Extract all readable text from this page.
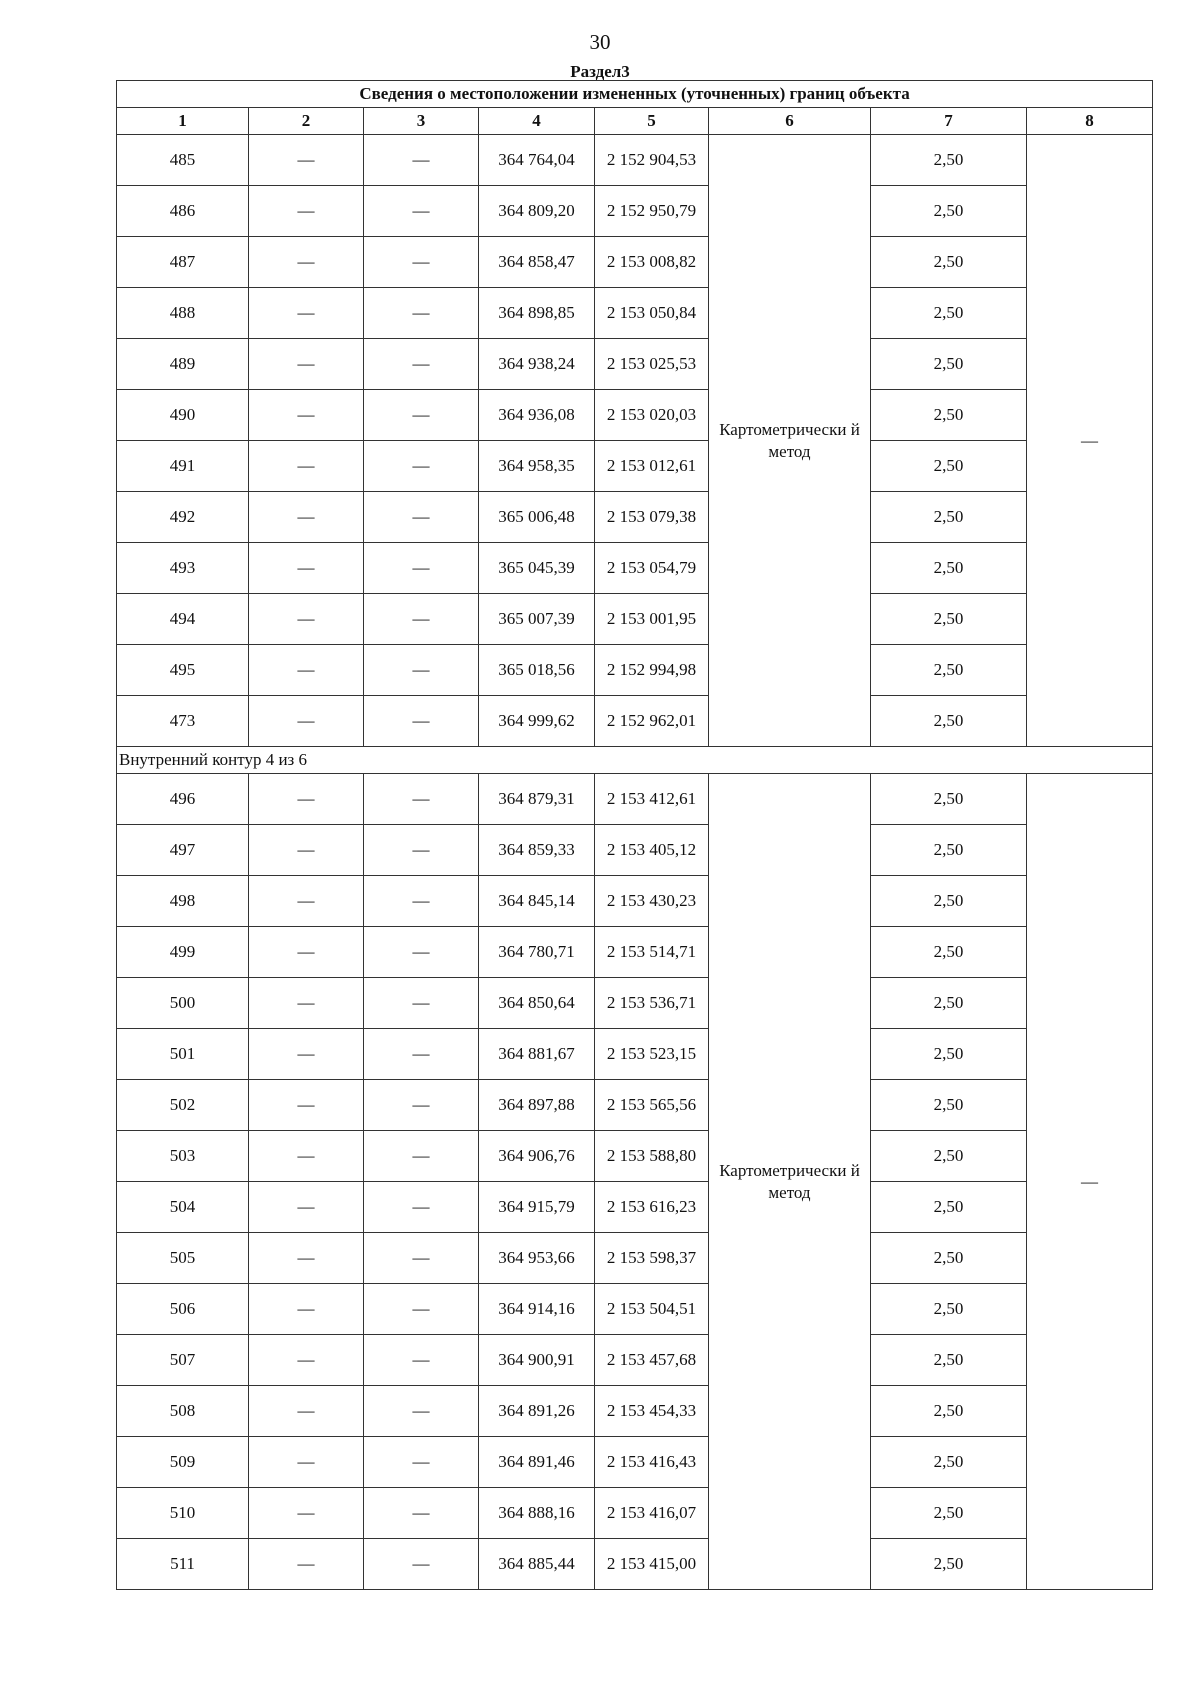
30
Раздел3
Сведения о местоположении измененных (уточненных) границ объекта							
1	2	3	4	5	6	7	8
485	—	—	364 764,04	2 152 904,53	Картометрически й метод	2,50	—
486	—	—	364 809,20	2 152 950,79		2,50	
487	—	—	364 858,47	2 153 008,82		2,50	
488	—	—	364 898,85	2 153 050,84		2,50	
489	—	—	364 938,24	2 153 025,53		2,50	
490	—	—	364 936,08	2 153 020,03		2,50	
491	—	—	364 958,35	2 153 012,61		2,50	
492	—	—	365 006,48	2 153 079,38		2,50	
493	—	—	365 045,39	2 153 054,79		2,50	
494	—	—	365 007,39	2 153 001,95		2,50	
495	—	—	365 018,56	2 152 994,98		2,50	
473	—	—	364 999,62	2 152 962,01		2,50	
Внутренний контур 4 из 6							
496	—	—	364 879,31	2 153 412,61	Картометрически й метод	2,50	—
497	—	—	364 859,33	2 153 405,12		2,50	
498	—	—	364 845,14	2 153 430,23		2,50	
499	—	—	364 780,71	2 153 514,71		2,50	
500	—	—	364 850,64	2 153 536,71		2,50	
501	—	—	364 881,67	2 153 523,15		2,50	
502	—	—	364 897,88	2 153 565,56		2,50	
503	—	—	364 906,76	2 153 588,80		2,50	
504	—	—	364 915,79	2 153 616,23		2,50	
505	—	—	364 953,66	2 153 598,37		2,50	
506	—	—	364 914,16	2 153 504,51		2,50	
507	—	—	364 900,91	2 153 457,68		2,50	
508	—	—	364 891,26	2 153 454,33		2,50	
509	—	—	364 891,46	2 153 416,43		2,50	
510	—	—	364 888,16	2 153 416,07		2,50	
511	—	—	364 885,44	2 153 415,00		2,50	
